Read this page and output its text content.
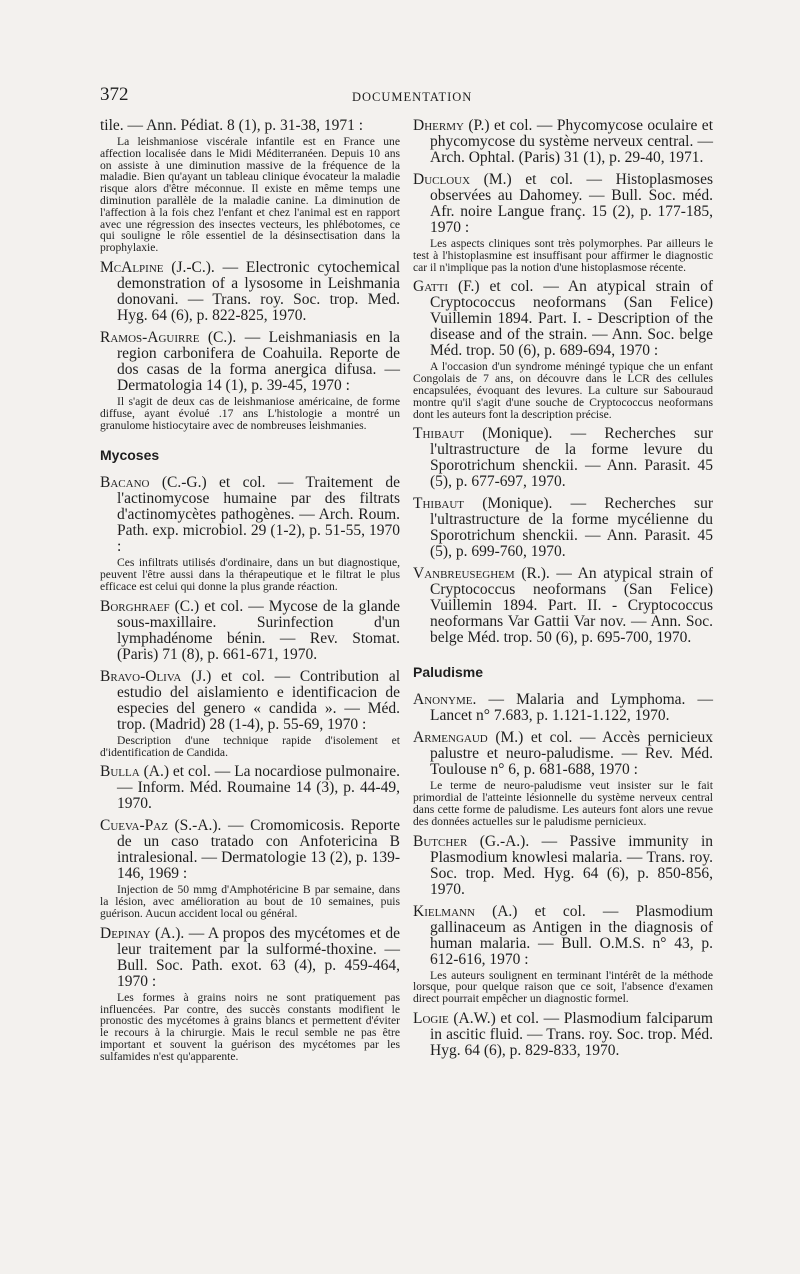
372	DOCUMENTATION

tile. — Ann. Pédiat. 8 (1), p. 31-38, 1971 :

La leishmaniose viscérale infantile est en France une affection localisée dans le Midi Méditerranéen. Depuis 10 ans on assiste à une diminution massive de la fréquence de la maladie. Bien qu'ayant un tableau clinique évocateur la maladie risque alors d'être méconnue. Il existe en même temps une diminution parallèle de la maladie canine. La diminution de l'affection à la fois chez l'enfant et chez l'animal est en rapport avec une régression des insectes vecteurs, les phlébotomes, ce qui souligne le rôle essentiel de la désinsectisation dans la prophylaxie.

McAlpine (J.-C.). — Electronic cytochemical demonstration of a lysosome in Leishmania donovani. — Trans. roy. Soc. trop. Med. Hyg. 64 (6), p. 822-825, 1970.

Ramos-Aguirre (C.). — Leishmaniasis en la region carbonifera de Coahuila. Reporte de dos casas de la forma anergica difusa. — Dermatologia 14 (1), p. 39-45, 1970 :

Il s'agit de deux cas de leishmaniose américaine, de forme diffuse, ayant évolué .17 ans L'histologie a montré un granulome histiocytaire avec de nombreuses leishmanies.

Mycoses

Bacano (C.-G.) et col. — Traitement de l'actinomycose humaine par des filtrats d'actinomycètes pathogènes. — Arch. Roum. Path. exp. microbiol. 29 (1-2), p. 51-55, 1970 :

Ces infiltrats utilisés d'ordinaire, dans un but diagnostique, peuvent l'être aussi dans la thérapeutique et le filtrat le plus efficace est celui qui donne la plus grande réaction.

Borghraef (C.) et col. — Mycose de la glande sous-maxillaire. Surinfection d'un lymphadénome bénin. — Rev. Stomat. (Paris) 71 (8), p. 661-671, 1970.

Bravo-Oliva (J.) et col. — Contribution al estudio del aislamiento e identificacion de especies del genero « candida ». — Méd. trop. (Madrid) 28 (1-4), p. 55-69, 1970 :

Description d'une technique rapide d'isolement et d'identification de Candida.

Bulla (A.) et col. — La nocardiose pulmonaire. — Inform. Méd. Roumaine 14 (3), p. 44-49, 1970.

Cueva-Paz (S.-A.). — Cromomicosis. Reporte de un caso tratado con Anfotericina B intralesional. — Dermatologie 13 (2), p. 139-146, 1969 :

Injection de 50 mmg d'Amphotéricine B par semaine, dans la lésion, avec amélioration au bout de 10 semaines, puis guérison. Aucun accident local ou général.

Depinay (A.). — A propos des mycétomes et de leur traitement par la sulformé-thoxine. — Bull. Soc. Path. exot. 63 (4), p. 459-464, 1970 :

Les formes à grains noirs ne sont pratiquement pas influencées. Par contre, des succès constants modifient le pronostic des mycétomes à grains blancs et permettent d'éviter le recours à la chirurgie. Mais le recul semble ne pas être important et souvent la guérison des mycétomes par les sulfamides n'est qu'apparente.

Dhermy (P.) et col. — Phycomycose oculaire et phycomycose du système nerveux central. — Arch. Ophtal. (Paris) 31 (1), p. 29-40, 1971.

Ducloux (M.) et col. — Histoplasmoses observées au Dahomey. — Bull. Soc. méd. Afr. noire Langue franç. 15 (2), p. 177-185, 1970 :

Les aspects cliniques sont très polymorphes. Par ailleurs le test à l'histoplasmine est insuffisant pour affirmer le diagnostic car il n'implique pas la notion d'une histoplasmose récente.

Gatti (F.) et col. — An atypical strain of Cryptococcus neoformans (San Felice) Vuillemin 1894. Part. I. - Description of the disease and of the strain. — Ann. Soc. belge Méd. trop. 50 (6), p. 689-694, 1970 :

A l'occasion d'un syndrome méningé typique che un enfant Congolais de 7 ans, on découvre dans le LCR des cellules encapsulées, évoquant des levures. La culture sur Sabouraud montre qu'il s'agit d'une souche de Cryptococcus neoformans dont les auteurs font la description précise.

Thibaut (Monique). — Recherches sur l'ultrastructure de la forme levure du Sporotrichum shenckii. — Ann. Parasit. 45 (5), p. 677-697, 1970.

Thibaut (Monique). — Recherches sur l'ultrastructure de la forme mycélienne du Sporotrichum shenckii. — Ann. Parasit. 45 (5), p. 699-760, 1970.

Vanbreuseghem (R.). — An atypical strain of Cryptococcus neoformans (San Felice) Vuillemin 1894. Part. II. - Cryptococcus neoformans Var Gattii Var nov. — Ann. Soc. belge Méd. trop. 50 (6), p. 695-700, 1970.

Paludisme

Anonyme. — Malaria and Lymphoma. — Lancet n° 7.683, p. 1.121-1.122, 1970.

Armengaud (M.) et col. — Accès pernicieux palustre et neuro-paludisme. — Rev. Méd. Toulouse n° 6, p. 681-688, 1970 :

Le terme de neuro-paludisme veut insister sur le fait primordial de l'atteinte lésionnelle du système nerveux central dans cette forme de paludisme. Les auteurs font alors une revue des données actuelles sur le paludisme pernicieux.

Butcher (G.-A.). — Passive immunity in Plasmodium knowlesi malaria. — Trans. roy. Soc. trop. Med. Hyg. 64 (6), p. 850-856, 1970.

Kielmann (A.) et col. — Plasmodium gallinaceum as Antigen in the diagnosis of human malaria. — Bull. O.M.S. n° 43, p. 612-616, 1970 :

Les auteurs soulignent en terminant l'intérêt de la méthode lorsque, pour quelque raison que ce soit, l'absence d'examen direct pourrait empêcher un diagnostic formel.

Logie (A.W.) et col. — Plasmodium falciparum in ascitic fluid. — Trans. roy. Soc. trop. Méd. Hyg. 64 (6), p. 829-833, 1970.
